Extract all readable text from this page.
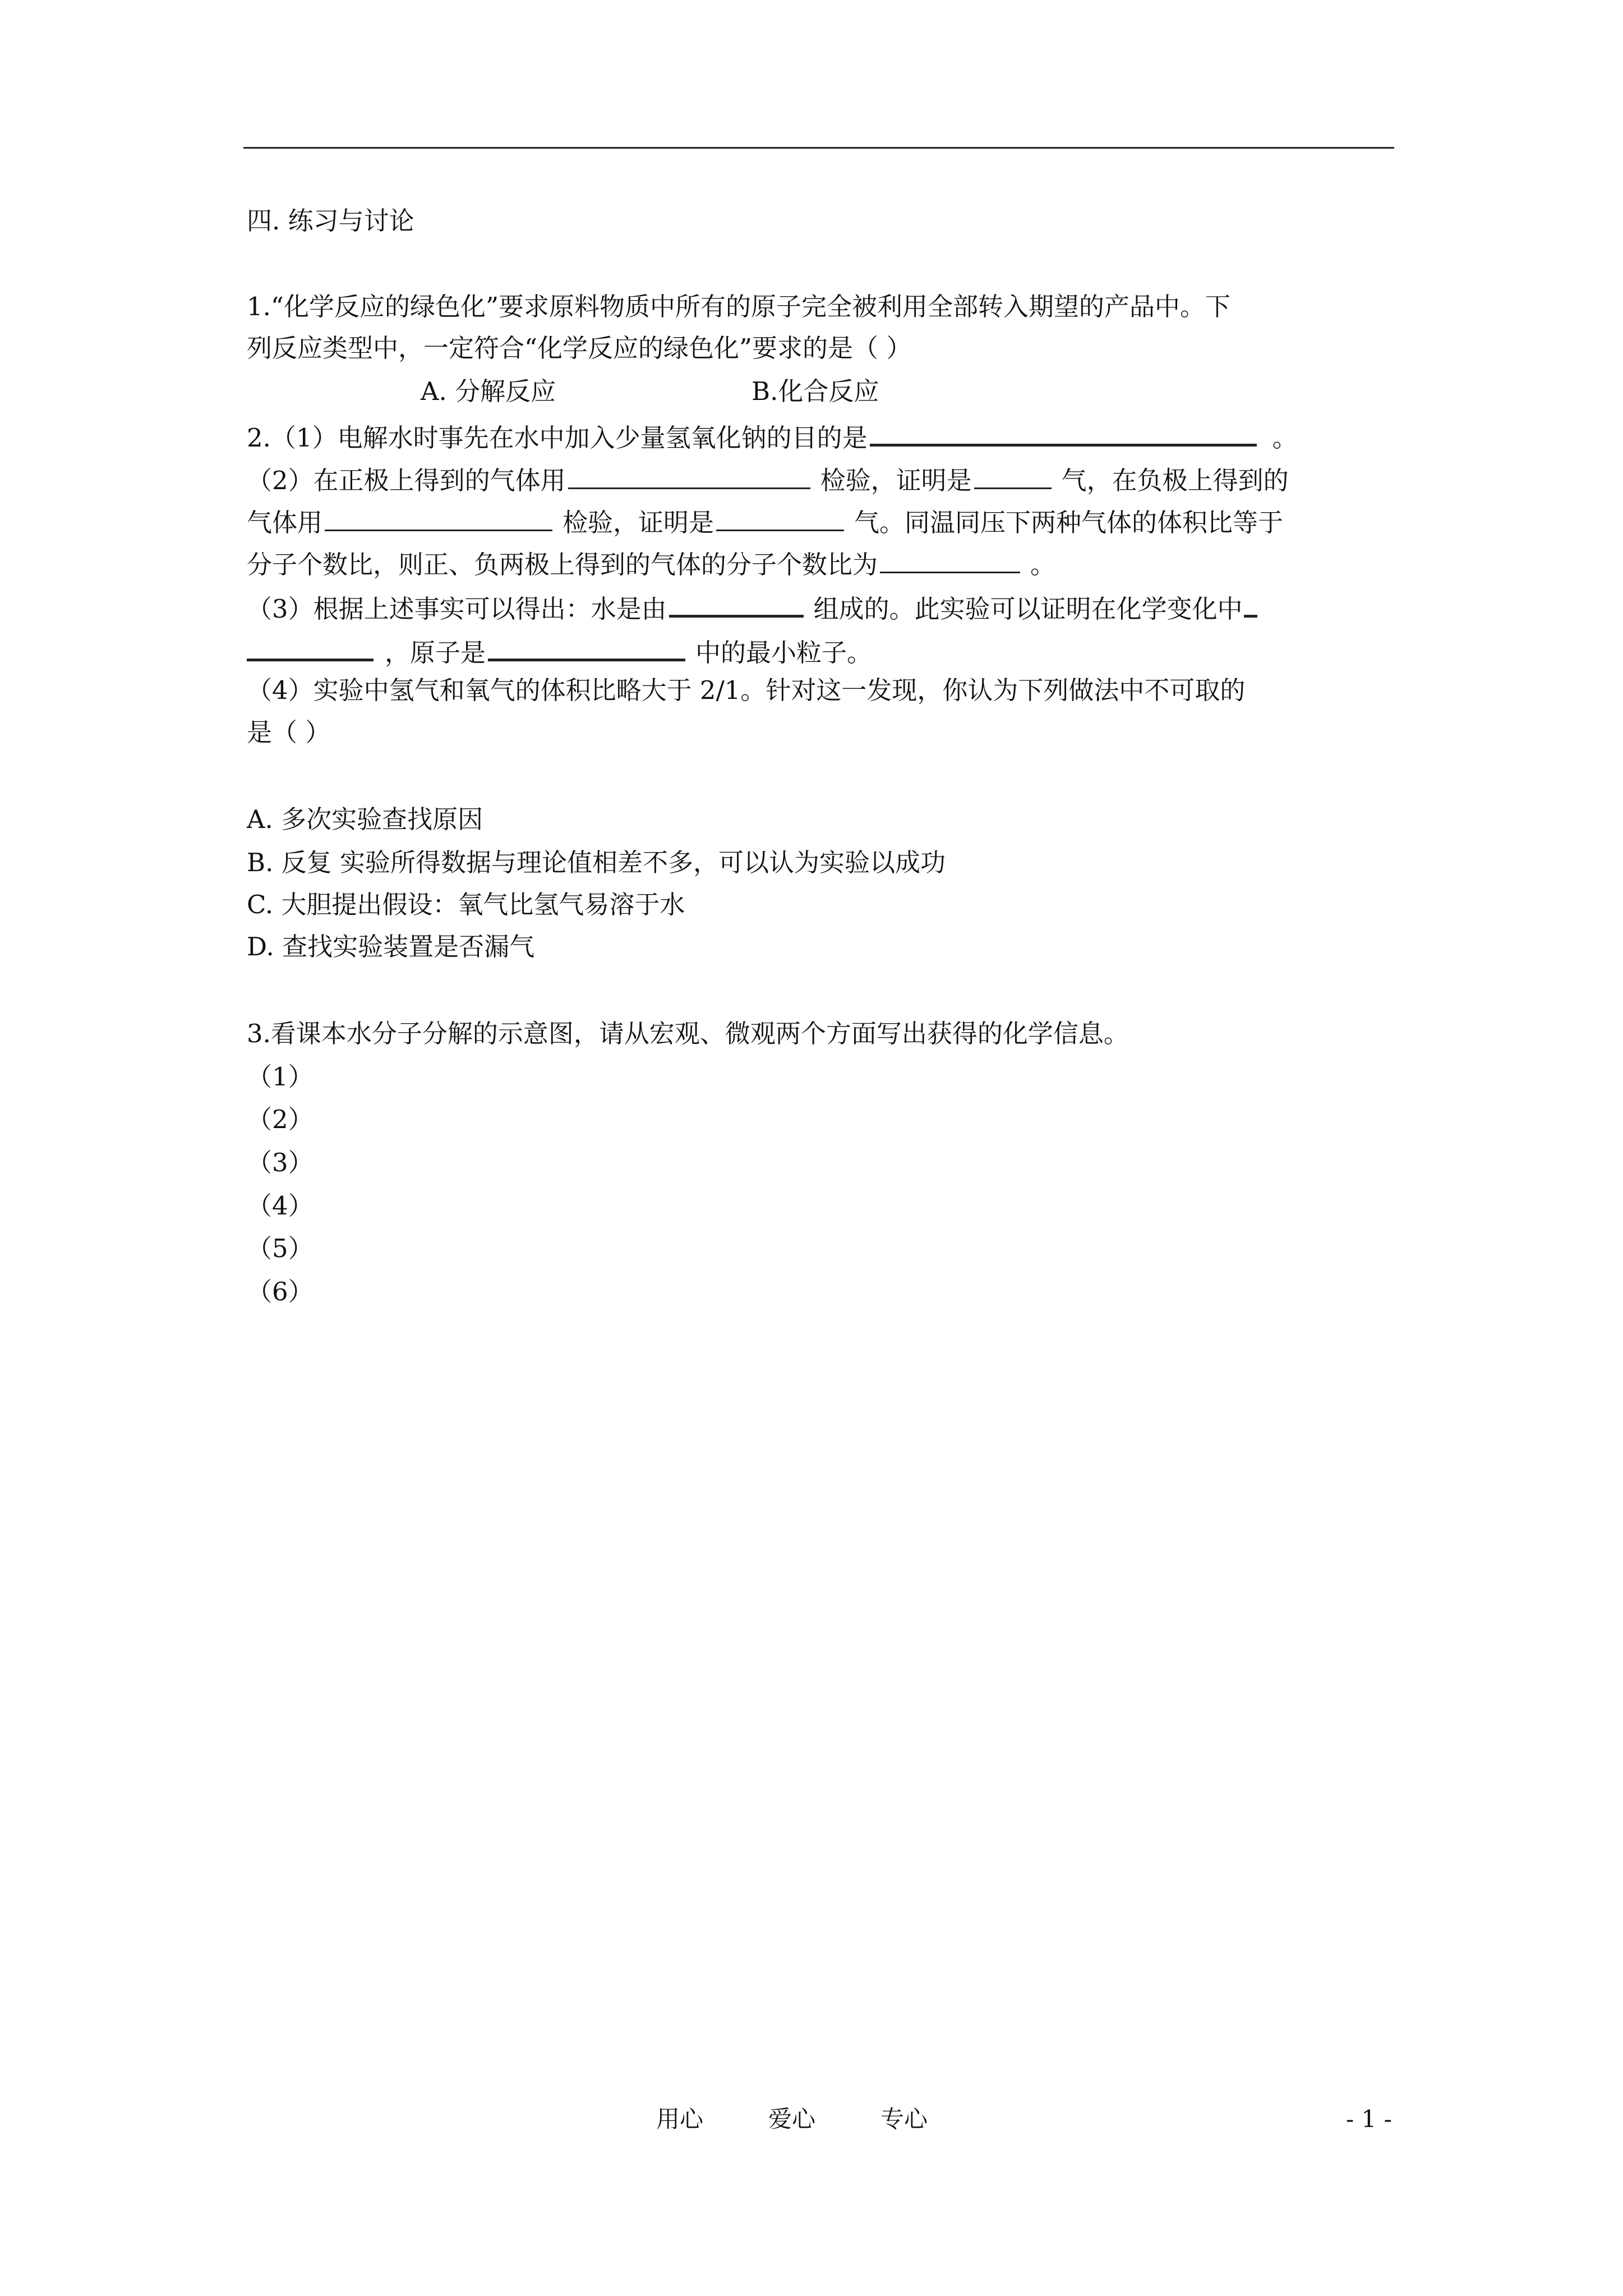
四. 练习与讨论
1.“化学反应的绿色化”要求原料物质中所有的原子完全被利用全部转入期望的产品中。下
列反应类型中，一定符合“化学反应的绿色化”要求的是（ ）
A. 分解反应	B.化合反应
2.（1）电解水时事先在水中加入少量氢氧化钠的目的是	。
（2）在正极上得到的气体用	检验，证明是	气，在负极上得到的
气体用	检验，证明是	气。同温同压下两种气体的体积比等于
分子个数比，则正、负两极上得到的气体的分子个数比为	。
（3）根据上述事实可以得出：水是由	组成的。此实验可以证明在化学变化中
，原子是	中的最小粒子。
（4）实验中氢气和氧气的体积比略大于 2/1。针对这一发现，你认为下列做法中不可取的
是（ ）
A. 多次实验查找原因
B. 反复 实验所得数据与理论值相差不多，可以认为实验以成功
C. 大胆提出假设：氧气比氢气易溶于水
D. 查找实验装置是否漏气
3.看课本水分子分解的示意图，请从宏观、微观两个方面写出获得的化学信息。
（1）
（2）
（3）
（4）
（5）
（6）
用心	爱心	专心	- 1 -
